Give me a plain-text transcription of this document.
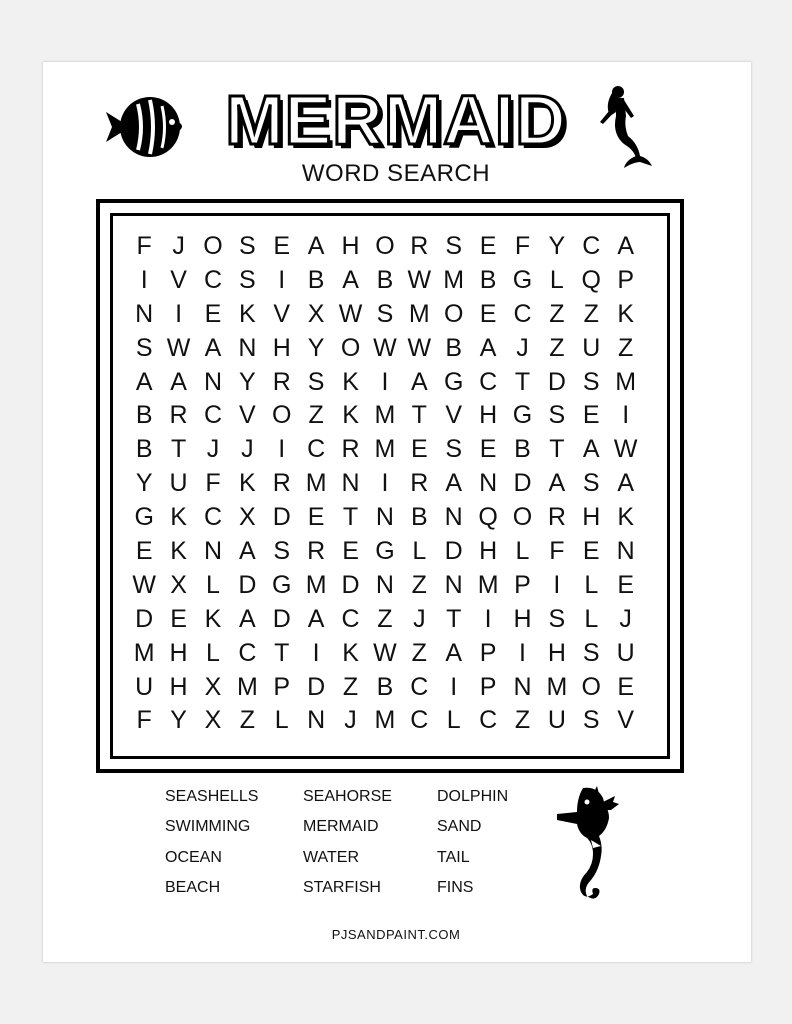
MERMAID
WORD SEARCH
F J O S E A H O R S E F Y C A
I V C S I B A B W M B G L Q P
N I E K V X W S M O E C Z Z K
S W A N H Y O W W B A J Z U Z
A A N Y R S K I A G C T D S M
B R C V O Z K M T V H G S E I
B T J J I C R M E S E B T A W
Y U F K R M N I R A N D A S A
G K C X D E T N B N Q O R H K
E K N A S R E G L D H L F E N
W X L D G M D N Z N M P I L E
D E K A D A C Z J T I H S L J
M H L C T I K W Z A P I H S U
U H X M P D Z B C I P N M O E
F Y X Z L N J M C L C Z U S V
SEASHELLS	SEAHORSE	DOLPHIN
SWIMMING	MERMAID	SAND
OCEAN	WATER	TAIL
BEACH	STARFISH	FINS
PJSANDPAINT.COM
